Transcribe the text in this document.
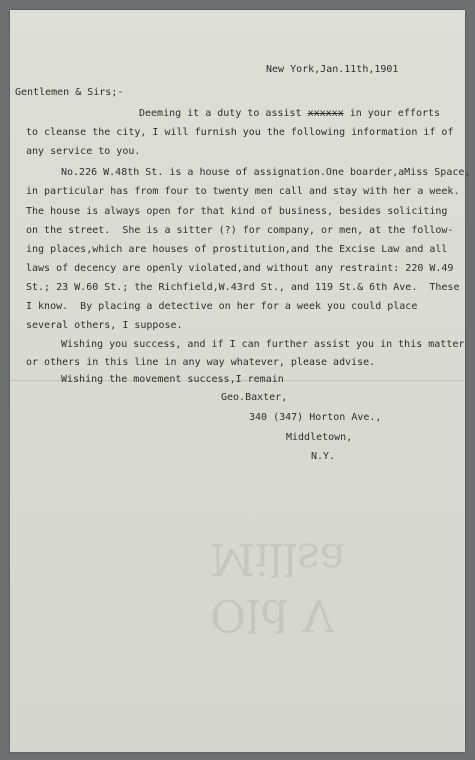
Old V
Millsa
New York,Jan.11th,1901
Gentlemen & Sirs;-
Deeming it a duty to assist xxxxxx in your efforts
to cleanse the city, I will furnish you the following information if of
any service to you.
No.226 W.48th St. is a house of assignation.One boarder,aMiss Space,
in particular has from four to twenty men call and stay with her a week.
The house is always open for that kind of business, besides soliciting
on the street.  She is a sitter (?) for company, or men, at the follow-
ing places,which are houses of prostitution,and the Excise Law and all
laws of decency are openly violated,and without any restraint: 220 W.49
St.; 23 W.60 St.; the Richfield,W.43rd St., and 119 St.& 6th Ave.  These
I know.  By placing a detective on her for a week you could place
several others, I suppose.
Wishing you success, and if I can further assist you in this matter
or others in this line in any way whatever, please advise.
Wishing the movement success,I remain
Geo.Baxter,
340 (347) Horton Ave.,
Middletown,
N.Y.
